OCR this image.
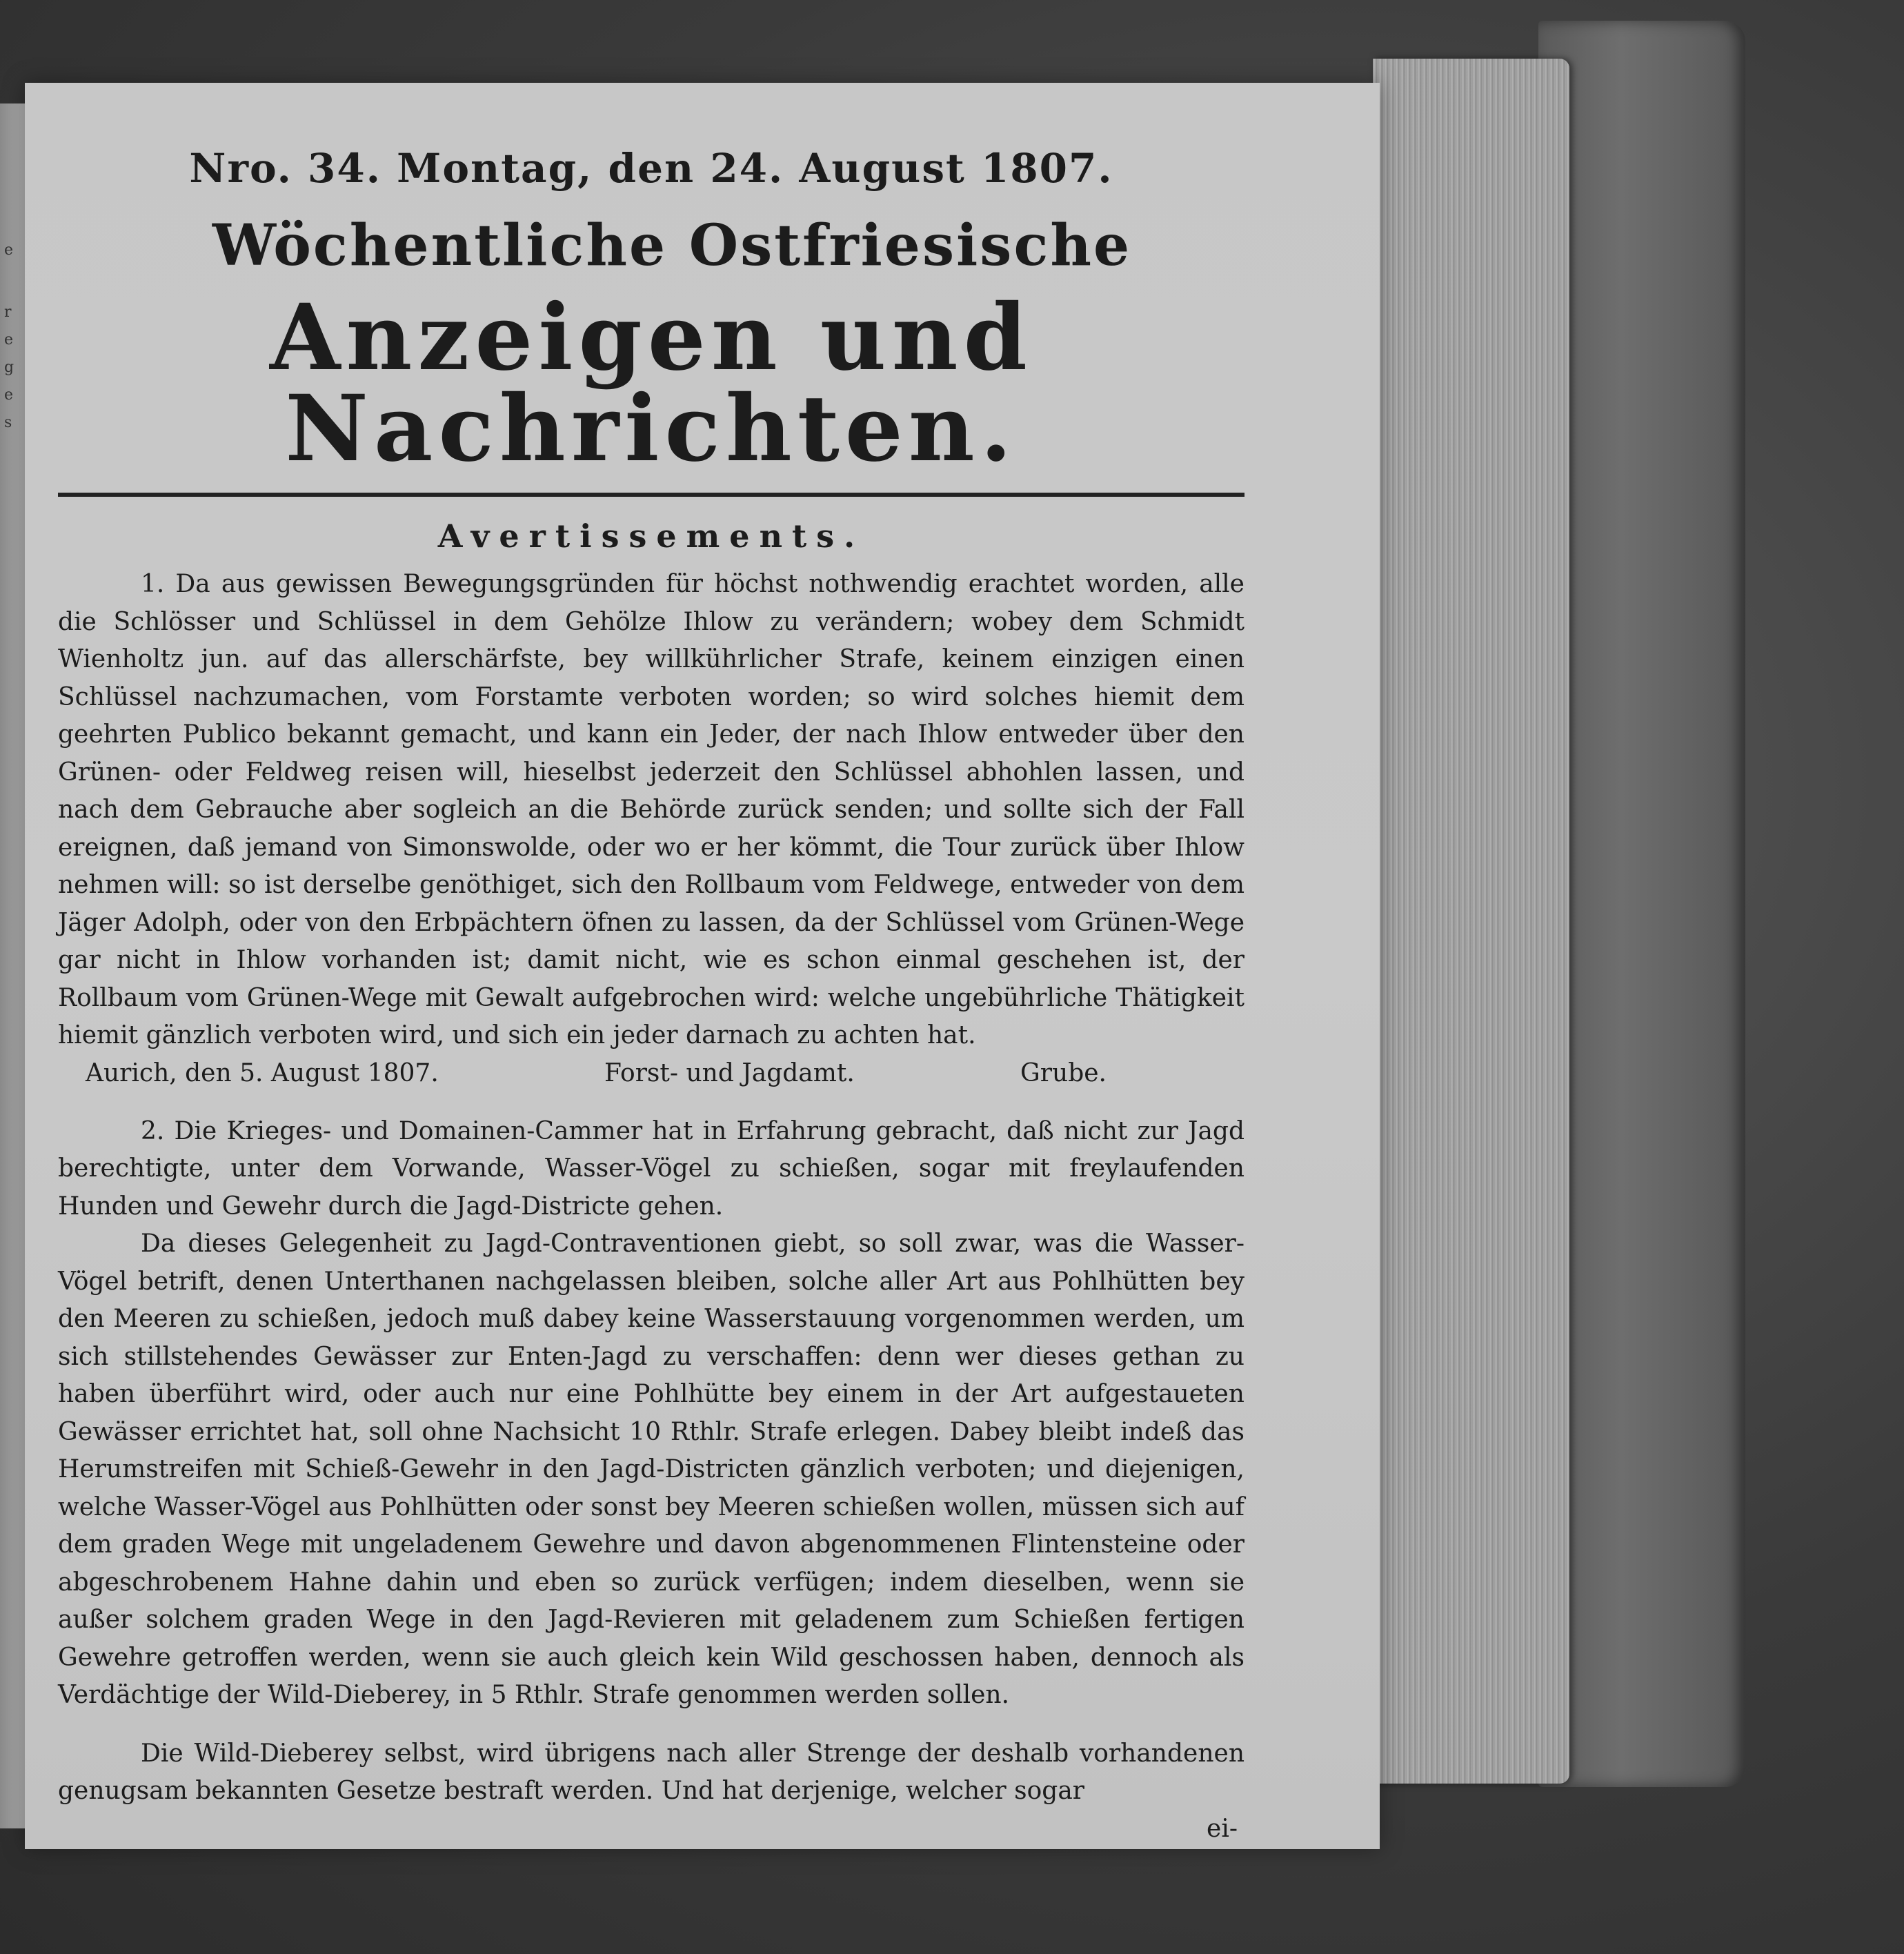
e
r
e
g
e
s
Nro. 34. Montag, den 24. August 1807.
Wöchentliche Ostfriesische
Anzeigen und Nachrichten.
Avertissements.

1. Da aus gewissen Bewegungsgründen für höchst nothwendig erachtet worden, alle die Schlösser und Schlüssel in dem Gehölze Ihlow zu verändern; wobey dem Schmidt Wienholtz jun. auf das allerschärfste, bey willkührlicher Strafe, keinem einzigen einen Schlüssel nachzumachen, vom Forstamte verboten worden; so wird solches hiemit dem geehrten Publico bekannt gemacht, und kann ein Jeder, der nach Ihlow entweder über den Grünen- oder Feldweg reisen will, hieselbst jederzeit den Schlüssel abhohlen lassen, und nach dem Gebrauche aber sogleich an die Behörde zurück senden; und sollte sich der Fall ereignen, daß jemand von Simonswolde, oder wo er her kömmt, die Tour zurück über Ihlow nehmen will: so ist derselbe genöthiget, sich den Rollbaum vom Feldwege, entweder von dem Jäger Adolph, oder von den Erbpächtern öfnen zu lassen, da der Schlüssel vom Grünen-Wege gar nicht in Ihlow vorhanden ist; damit nicht, wie es schon einmal geschehen ist, der Rollbaum vom Grünen-Wege mit Gewalt aufgebrochen wird: welche ungebührliche Thätigkeit hiemit gänzlich verboten wird, und sich ein jeder darnach zu achten hat.

Aurich, den 5. August 1807.	Forst- und Jagdamt.	Grube.

2. Die Krieges- und Domainen-Cammer hat in Erfahrung gebracht, daß nicht zur Jagd berechtigte, unter dem Vorwande, Wasser-Vögel zu schießen, sogar mit freylaufenden Hunden und Gewehr durch die Jagd-Districte gehen.

Da dieses Gelegenheit zu Jagd-Contraventionen giebt, so soll zwar, was die Wasser-Vögel betrift, denen Unterthanen nachgelassen bleiben, solche aller Art aus Pohlhütten bey den Meeren zu schießen, jedoch muß dabey keine Wasserstauung vorgenommen werden, um sich stillstehendes Gewässer zur Enten-Jagd zu verschaffen: denn wer dieses gethan zu haben überführt wird, oder auch nur eine Pohlhütte bey einem in der Art aufgestaueten Gewässer errichtet hat, soll ohne Nachsicht 10 Rthlr. Strafe erlegen. Dabey bleibt indeß das Herumstreifen mit Schieß-Gewehr in den Jagd-Districten gänzlich verboten; und diejenigen, welche Wasser-Vögel aus Pohlhütten oder sonst bey Meeren schießen wollen, müssen sich auf dem graden Wege mit ungeladenem Gewehre und davon abgenommenen Flintensteine oder abgeschrobenem Hahne dahin und eben so zurück verfügen; indem dieselben, wenn sie außer solchem graden Wege in den Jagd-Revieren mit geladenem zum Schießen fertigen Gewehre getroffen werden, wenn sie auch gleich kein Wild geschossen haben, dennoch als Verdächtige der Wild-Dieberey, in 5 Rthlr. Strafe genommen werden sollen.

Die Wild-Dieberey selbst, wird übrigens nach aller Strenge der deshalb vorhandenen genugsam bekannten Gesetze bestraft werden. Und hat derjenige, welcher sogar

ei-
